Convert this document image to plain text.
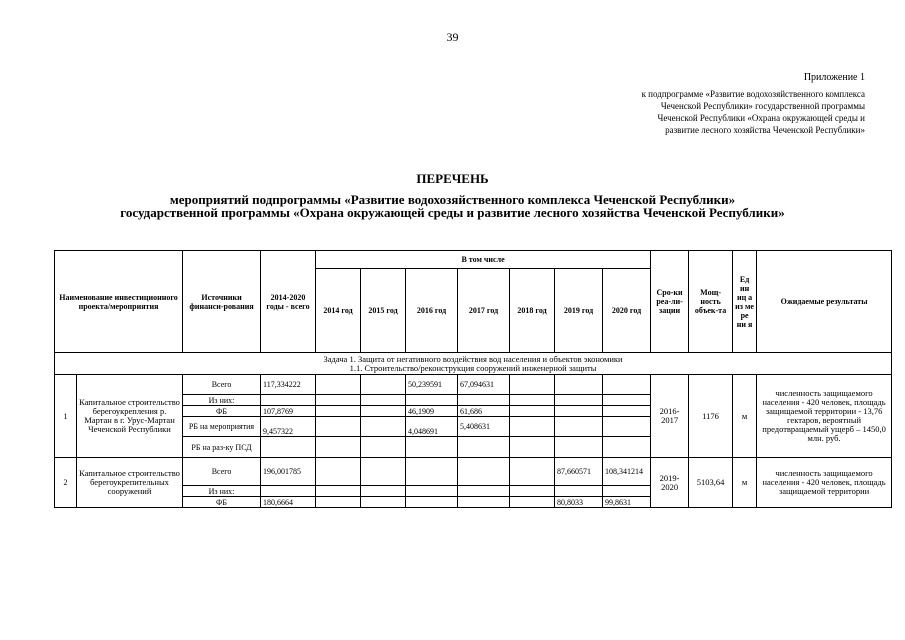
39
Приложение 1
к подпрограмме «Развитие водохозяйственного комплекса
Чеченской Республики» государственной программы
Чеченской Республики «Охрана окружающей среды и
развитие лесного хозяйства Чеченской Республики»
ПЕРЕЧЕНЬ
мероприятий подпрограммы «Развитие водохозяйственного комплекса Чеченской Республики»
государственной программы «Охрана окружающей среды и развитие лесного хозяйства Чеченской Республики»
Наименование инвестиционного проекта/мероприятия		Источники финанси-рования	2014-2020 годы - всего	В том числе							Сро-ки реа-ли-зации	Мощ-ность объек-та	Ед ин иц а из ме ре ни я	Ожидаемые результаты
				2014 год	2015 год	2016 год	2017 год	2018 год	2019 год	2020 год				

Задача 1. Защита от негативного воздействия вод населения и объектов экономики
1.1. Строительство/реконструкция сооружений инженерной защиты														

1	Капитальное строительство берегоукрепления р. Мартан в г. Урус-Мартан Чеченской Республики	Всего	117,334222			50,239591	67,094631				2016-2017	1176	м	численность защищаемого населения - 420 человек, площадь защищаемой территории - 13,76 гектаров, вероятный предотвращаемый ущерб – 1450,0 млн. руб.
		Из них:												
		ФБ	107,8769			46,1909	61,686							
		РБ на мероприятия	9,457322			4,048691	5,408631							
		РБ на раз-ку ПСД												
2	Капитальное строительство берегоукрепительных сооружений	Всего	196,001785						87,660571	108,341214	2019-2020	5103,64	м	численность защищаемого населения - 420 человек, площадь защищаемой территории
		Из них:												
		ФБ	180,6664						80,8033	99,8631				
